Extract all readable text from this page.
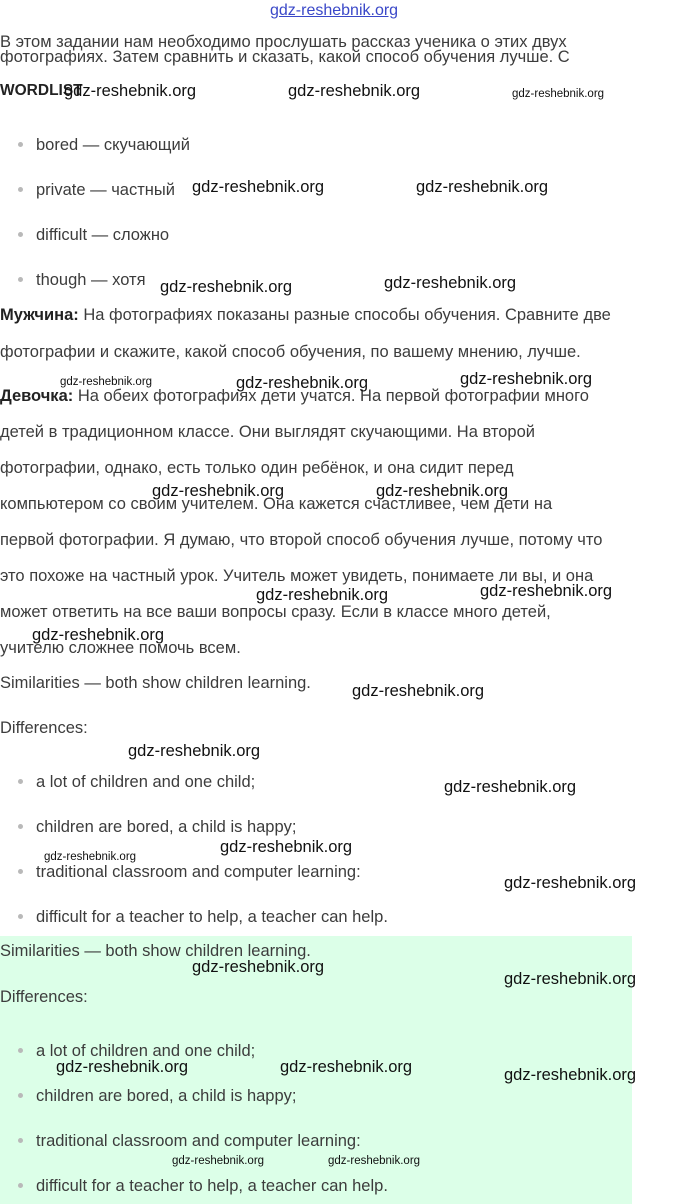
gdz-reshebnik.org
В этом задании нам необходимо прослушать рассказ ученика о этих двух
фотографиях. Затем сравнить и сказать, какой способ обучения лучше. С
WORDLIST
bored — скучающий
private — частный
difficult — сложно
though — хотя
Мужчина: На фотографиях показаны разные способы обучения. Сравните две
фотографии и скажите, какой способ обучения, по вашему мнению, лучше.
Девочка: На обеих фотографиях дети учатся. На первой фотографии много
детей в традиционном классе. Они выглядят скучающими. На второй
фотографии, однако, есть только один ребёнок, и она сидит перед
компьютером со своим учителем. Она кажется счастливее, чем дети на
первой фотографии. Я думаю, что второй способ обучения лучше, потому что
это похоже на частный урок. Учитель может увидеть, понимаете ли вы, и она
может ответить на все ваши вопросы сразу. Если в классе много детей,
учителю сложнее помочь всем.
Similarities — both show children learning.
Differences:
a lot of children and one child;
children are bored, a child is happy;
traditional classroom and computer learning:
difficult for a teacher to help, a teacher can help.
Similarities — both show children learning.
Differences:
a lot of children and one child;
children are bored, a child is happy;
traditional classroom and computer learning:
difficult for a teacher to help, a teacher can help.
gdz-reshebnik.org	gdz-reshebnik.org	gdz-reshebnik.org
gdz-reshebnik.org	gdz-reshebnik.org
gdz-reshebnik.org	gdz-reshebnik.org
gdz-reshebnik.org	gdz-reshebnik.org	gdz-reshebnik.org
gdz-reshebnik.org	gdz-reshebnik.org
gdz-reshebnik.org	gdz-reshebnik.org
gdz-reshebnik.org
gdz-reshebnik.org
gdz-reshebnik.org
gdz-reshebnik.org
gdz-reshebnik.org
gdz-reshebnik.org
gdz-reshebnik.org
gdz-reshebnik.org
gdz-reshebnik.org
gdz-reshebnik.org	gdz-reshebnik.org	gdz-reshebnik.org
gdz-reshebnik.org	gdz-reshebnik.org
